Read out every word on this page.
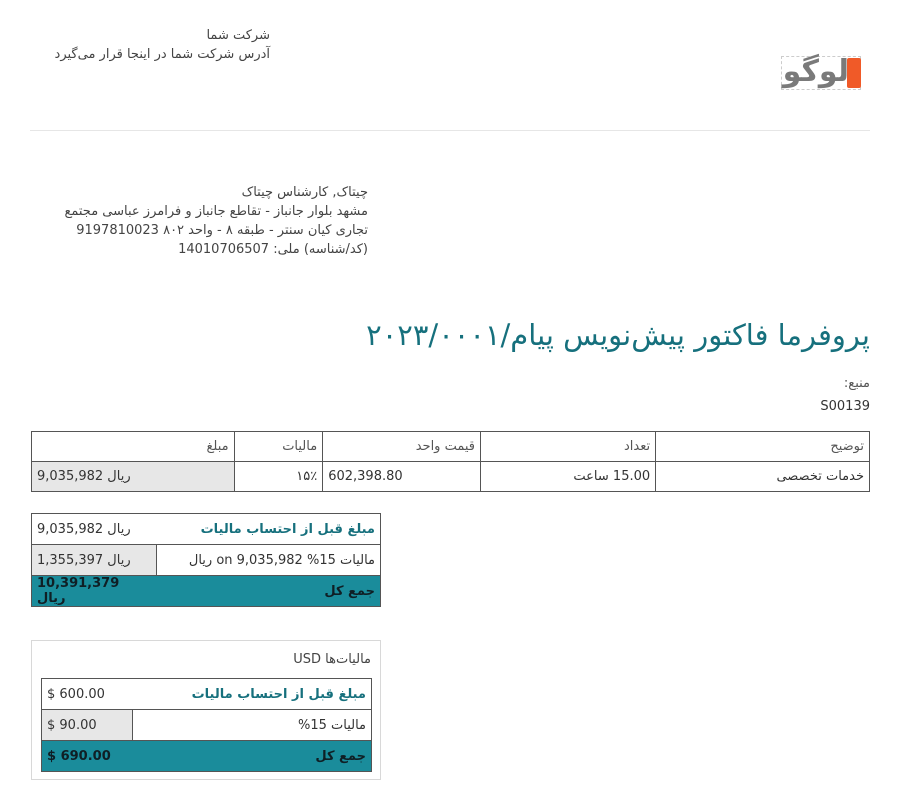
شرکت شما
آدرس شرکت شما در اینجا قرار می‌گیرد	لوگو
چیتاک, کارشناس چیتاک
مشهد بلوار جانباز - تقاطع جانباز و فرامرز عباسی مجتمع
تجاری کیان سنتر - طبقه ۸ - واحد ۸۰۲ 9197810023
(کد/شناسه) ملی: 14010706507
پروفرما فاکتور پیش‌نویس پیام/۲۰۲۳/۰۰۰۱
منبع:
S00139
مبلغ	مالیات	قیمت واحد	تعداد	توضیح
9,035,982 ریال	۱۵٪	602,398.80	15.00 ساعت	خدمات تخصصی
9,035,982 ریال	مبلغ قبل از احتساب مالیات
1,355,397 ریال	مالیات 15% on 9,035,982 ریال
10,391,379 ریال	جمع کل
مالیات‌ها USD
$ 600.00	مبلغ قبل از احتساب مالیات
$ 90.00	مالیات 15%
$ 690.00	جمع کل
